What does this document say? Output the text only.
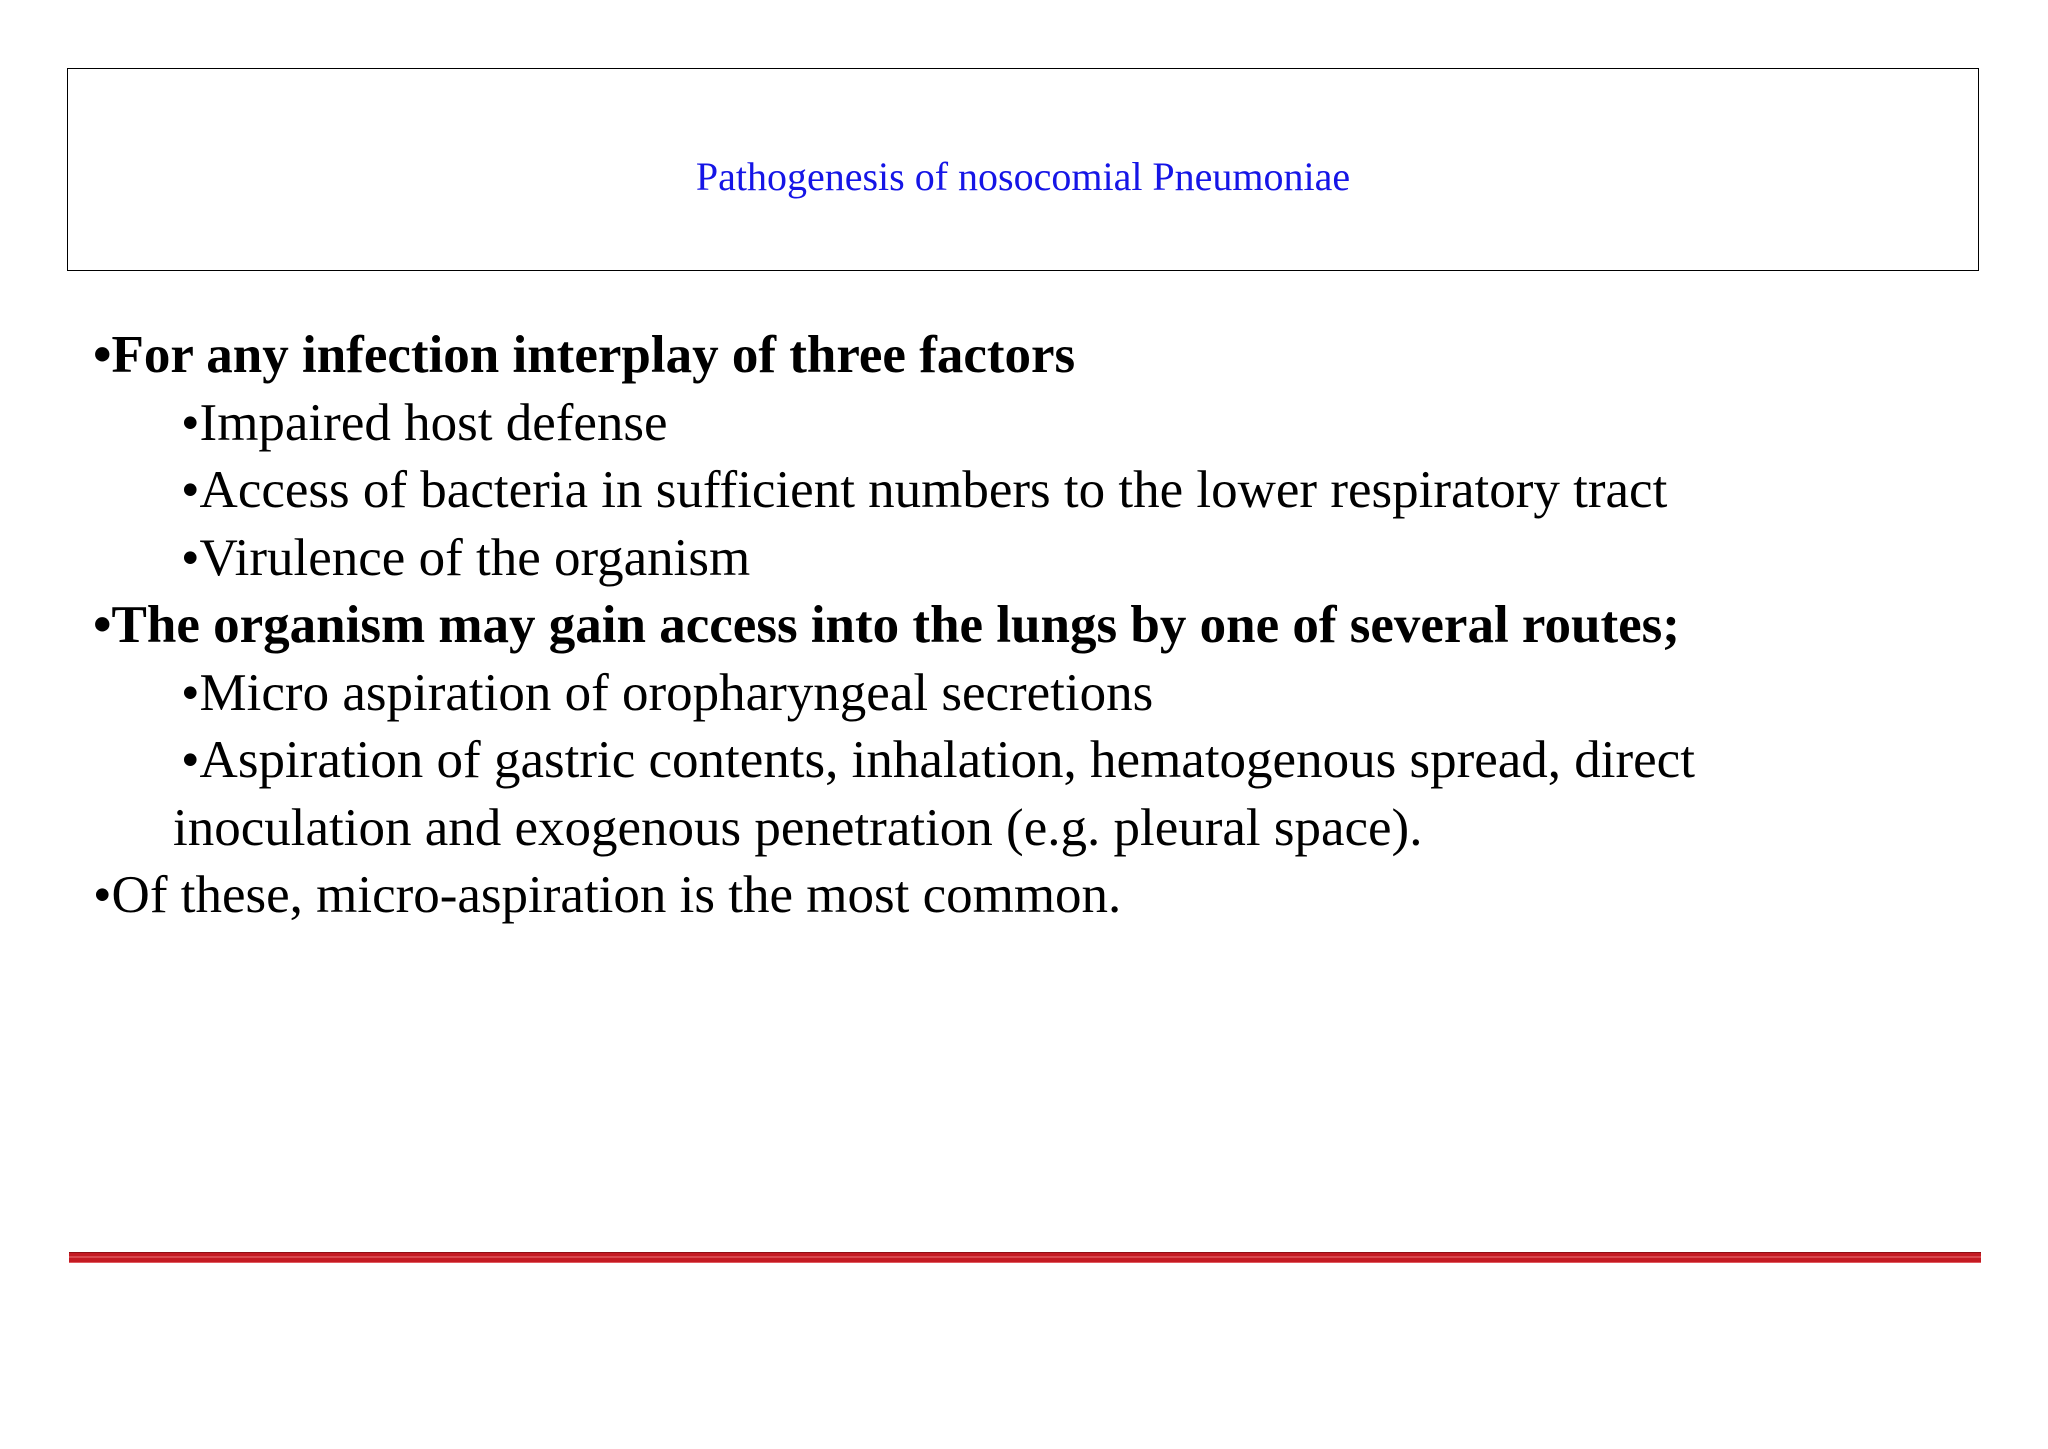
Pathogenesis of nosocomial Pneumoniae
•For any infection interplay of three factors
•Impaired host defense
•Access of bacteria in sufficient numbers to the lower respiratory tract
•Virulence of the organism
•The organism may gain access into the lungs by one of several routes;
•Micro aspiration of oropharyngeal secretions
•Aspiration of gastric contents, inhalation, hematogenous spread, direct
inoculation and exogenous penetration (e.g. pleural space).
•Of these, micro-aspiration is the most common.
